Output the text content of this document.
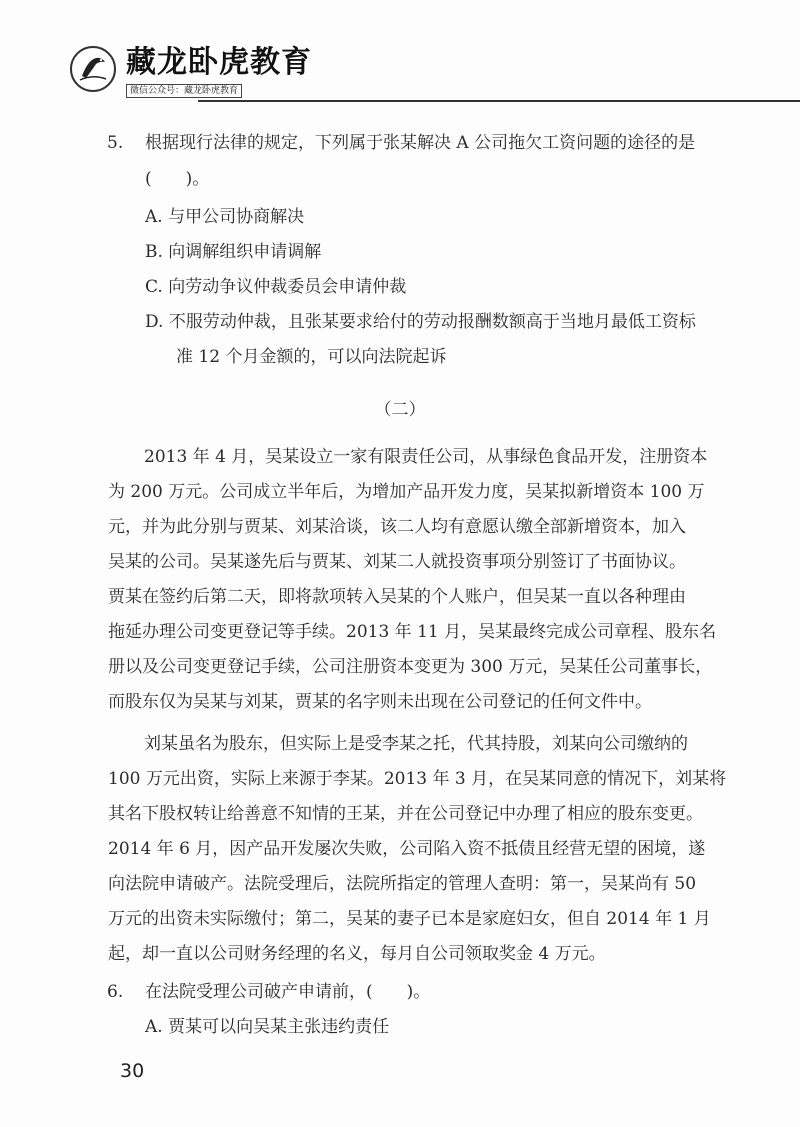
藏龙卧虎教育
微信公众号：藏龙卧虎教育
5. 根据现行法律的规定，下列属于张某解决 A 公司拖欠工资问题的途径的是
(　　)。
A. 与甲公司协商解决
B. 向调解组织申请调解
C. 向劳动争议仲裁委员会申请仲裁
D. 不服劳动仲裁，且张某要求给付的劳动报酬数额高于当地月最低工资标
准 12 个月金额的，可以向法院起诉
（二）
2013 年 4 月，吴某设立一家有限责任公司，从事绿色食品开发，注册资本
为 200 万元。公司成立半年后，为增加产品开发力度，吴某拟新增资本 100 万
元，并为此分别与贾某、刘某洽谈，该二人均有意愿认缴全部新增资本，加入
吴某的公司。吴某遂先后与贾某、刘某二人就投资事项分别签订了书面协议。
贾某在签约后第二天，即将款项转入吴某的个人账户，但吴某一直以各种理由
拖延办理公司变更登记等手续。2013 年 11 月，吴某最终完成公司章程、股东名
册以及公司变更登记手续，公司注册资本变更为 300 万元，吴某任公司董事长，
而股东仅为吴某与刘某，贾某的名字则未出现在公司登记的任何文件中。
刘某虽名为股东，但实际上是受李某之托，代其持股，刘某向公司缴纳的
100 万元出资，实际上来源于李某。2013 年 3 月，在吴某同意的情况下，刘某将
其名下股权转让给善意不知情的王某，并在公司登记中办理了相应的股东变更。
2014 年 6 月，因产品开发屡次失败，公司陷入资不抵债且经营无望的困境，遂
向法院申请破产。法院受理后，法院所指定的管理人查明：第一，吴某尚有 50
万元的出资未实际缴付；第二，吴某的妻子已本是家庭妇女，但自 2014 年 1 月
起，却一直以公司财务经理的名义，每月自公司领取奖金 4 万元。
6. 在法院受理公司破产申请前，(　　)。
A. 贾某可以向吴某主张违约责任
30
